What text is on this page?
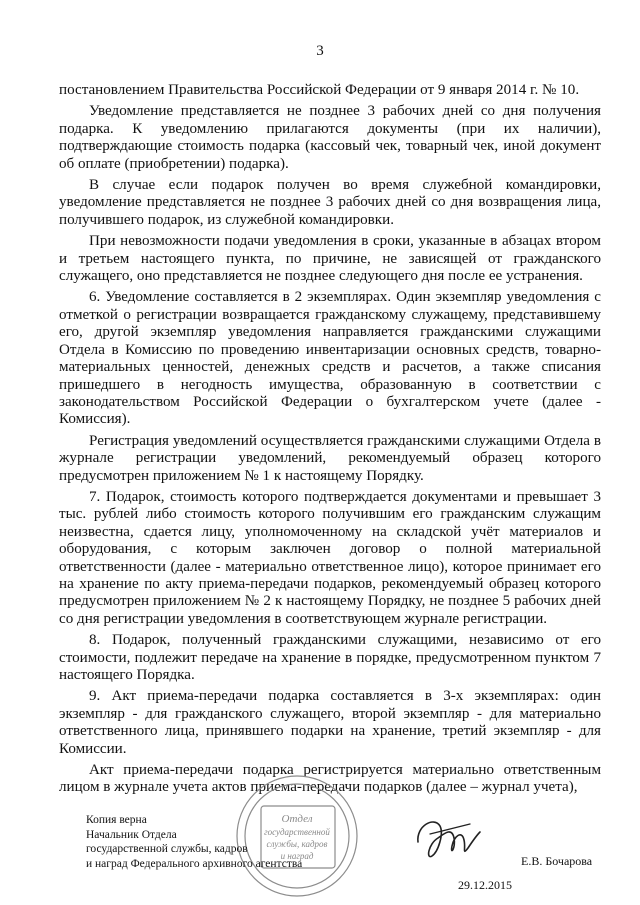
3

постановлением Правительства Российской Федерации от 9 января 2014 г. № 10.

Уведомление представляется не позднее 3 рабочих дней со дня получения подарка. К уведомлению прилагаются документы (при их наличии), подтверждающие стоимость подарка (кассовый чек, товарный чек, иной документ об оплате (приобретении) подарка).

В случае если подарок получен во время служебной командировки, уведомление представляется не позднее 3 рабочих дней со дня возвращения лица, получившего подарок, из служебной командировки.

При невозможности подачи уведомления в сроки, указанные в абзацах втором и третьем настоящего пункта, по причине, не зависящей от гражданского служащего, оно представляется не позднее следующего дня после ее устранения.

6. Уведомление составляется в 2 экземплярах. Один экземпляр уведомления с отметкой о регистрации возвращается гражданскому служащему, представившему его, другой экземпляр уведомления направляется гражданскими служащими Отдела в Комиссию по проведению инвентаризации основных средств, товарно-материальных ценностей, денежных средств и расчетов, а также списания пришедшего в негодность имущества, образованную в соответствии с законодательством Российской Федерации о бухгалтерском учете (далее - Комиссия).

Регистрация уведомлений осуществляется гражданскими служащими Отдела в журнале регистрации уведомлений, рекомендуемый образец которого предусмотрен приложением № 1 к настоящему Порядку.

7. Подарок, стоимость которого подтверждается документами и превышает 3 тыс. рублей либо стоимость которого получившим его гражданским служащим неизвестна, сдается лицу, уполномоченному на складской учёт материалов и оборудования, с которым заключен договор о полной материальной ответственности (далее - материально ответственное лицо), которое принимает его на хранение по акту приема-передачи подарков, рекомендуемый образец которого предусмотрен приложением № 2 к настоящему Порядку, не позднее 5 рабочих дней со дня регистрации уведомления в соответствующем журнале регистрации.

8. Подарок, полученный гражданскими служащими, независимо от его стоимости, подлежит передаче на хранение в порядке, предусмотренном пунктом 7 настоящего Порядка.

9. Акт приема-передачи подарка составляется в 3-х экземплярах: один экземпляр - для гражданского служащего, второй экземпляр - для материально ответственного лица, принявшего подарки на хранение, третий экземпляр - для Комиссии.

Акт приема-передачи подарка регистрируется материально ответственным лицом в журнале учета актов приема-передачи подарков (далее – журнал учета),

Отдел
государственной
службы, кадров
и наград
Копия верна
Начальник Отдела
государственной службы, кадров
и наград Федерального архивного агентства	Е.В. Бочарова
29.12.2015
